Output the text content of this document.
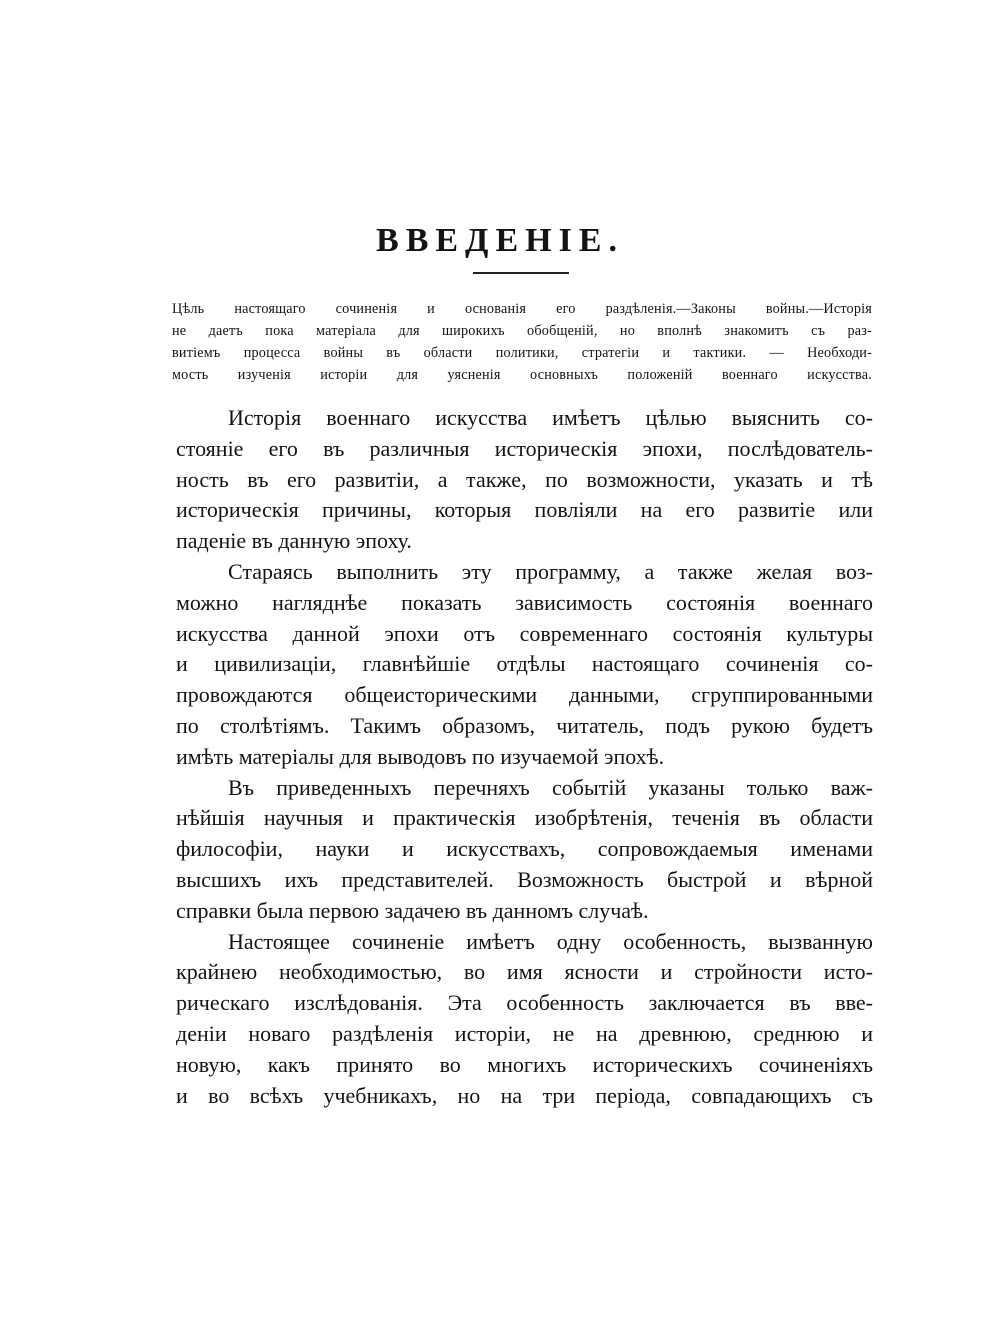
ВВЕДЕНІЕ.
Цѣль настоящаго сочиненія и основанія его раздѣленія.—Законы войны.—Исторія
не даетъ пока матеріала для широкихъ обобщеній, но вполнѣ знакомитъ съ раз-
витіемъ процесса войны въ области политики, стратегіи и тактики. — Необходи-
мость изученія исторіи для уясненія основныхъ положеній военнаго искусства.
Исторія военнаго искусства имѣетъ цѣлью выяснить со-
стояніе его въ различныя историческія эпохи, послѣдователь-
ность въ его развитіи, а также, по возможности, указать и тѣ
историческія причины, которыя повліяли на его развитіе или
паденіе въ данную эпоху.
Стараясь выполнить эту программу, а также желая воз-
можно нагляднѣе показать зависимость состоянія военнаго
искусства данной эпохи отъ современнаго состоянія культуры
и цивилизаціи, главнѣйшіе отдѣлы настоящаго сочиненія со-
провождаются общеисторическими данными, сгруппированными
по столѣтіямъ. Такимъ образомъ, читатель, подъ рукою будетъ
имѣть матеріалы для выводовъ по изучаемой эпохѣ.
Въ приведенныхъ перечняхъ событій указаны только важ-
нѣйшія научныя и практическія изобрѣтенія, теченія въ области
философіи, науки и искусствахъ, сопровождаемыя именами
высшихъ ихъ представителей. Возможность быстрой и вѣрной
справки была первою задачею въ данномъ случаѣ.
Настоящее сочиненіе имѣетъ одну особенность, вызванную
крайнею необходимостью, во имя ясности и стройности исто-
рическаго изслѣдованія. Эта особенность заключается въ вве-
деніи новаго раздѣленія исторіи, не на древнюю, среднюю и
новую, какъ принято во многихъ историческихъ сочиненіяхъ
и во всѣхъ учебникахъ, но на три періода, совпадающихъ съ
